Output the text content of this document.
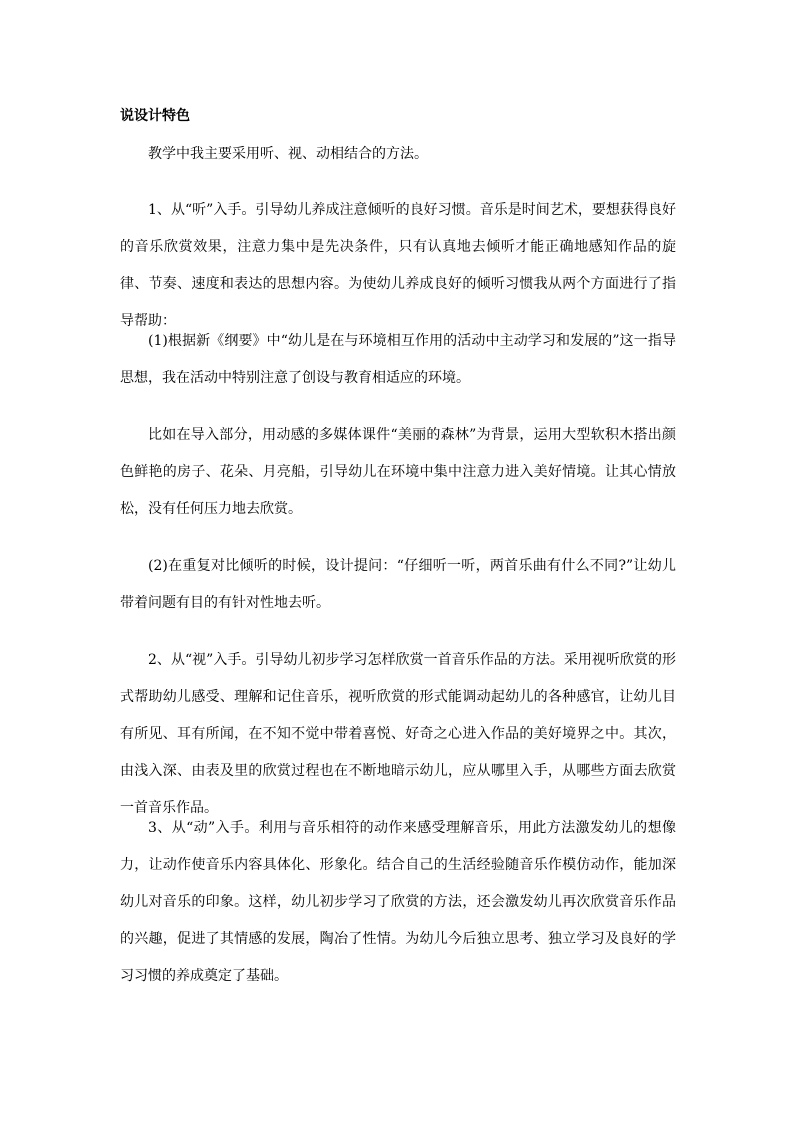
说设计特色

教学中我主要采用听、视、动相结合的方法。

1、从“听”入手。引导幼儿养成注意倾听的良好习惯。音乐是时间艺术，要想获得良好的音乐欣赏效果，注意力集中是先决条件，只有认真地去倾听才能正确地感知作品的旋律、节奏、速度和表达的思想内容。为使幼儿养成良好的倾听习惯我从两个方面进行了指导帮助：

(1)根据新《纲要》中“幼儿是在与环境相互作用的活动中主动学习和发展的”这一指导思想，我在活动中特别注意了创设与教育相适应的环境。

比如在导入部分，用动感的多媒体课件“美丽的森林”为背景，运用大型软积木搭出颜色鲜艳的房子、花朵、月亮船，引导幼儿在环境中集中注意力进入美好情境。让其心情放松，没有任何压力地去欣赏。

(2)在重复对比倾听的时候，设计提问：“仔细听一听，两首乐曲有什么不同?”让幼儿带着问题有目的有针对性地去听。

2、从“视”入手。引导幼儿初步学习怎样欣赏一首音乐作品的方法。采用视听欣赏的形式帮助幼儿感受、理解和记住音乐，视听欣赏的形式能调动起幼儿的各种感官，让幼儿目有所见、耳有所闻，在不知不觉中带着喜悦、好奇之心进入作品的美好境界之中。其次，由浅入深、由表及里的欣赏过程也在不断地暗示幼儿，应从哪里入手，从哪些方面去欣赏一首音乐作品。

3、从“动”入手。利用与音乐相符的动作来感受理解音乐，用此方法激发幼儿的想像力，让动作使音乐内容具体化、形象化。结合自己的生活经验随音乐作模仿动作，能加深幼儿对音乐的印象。这样，幼儿初步学习了欣赏的方法，还会激发幼儿再次欣赏音乐作品的兴趣，促进了其情感的发展，陶冶了性情。为幼儿今后独立思考、独立学习及良好的学习习惯的养成奠定了基础。
